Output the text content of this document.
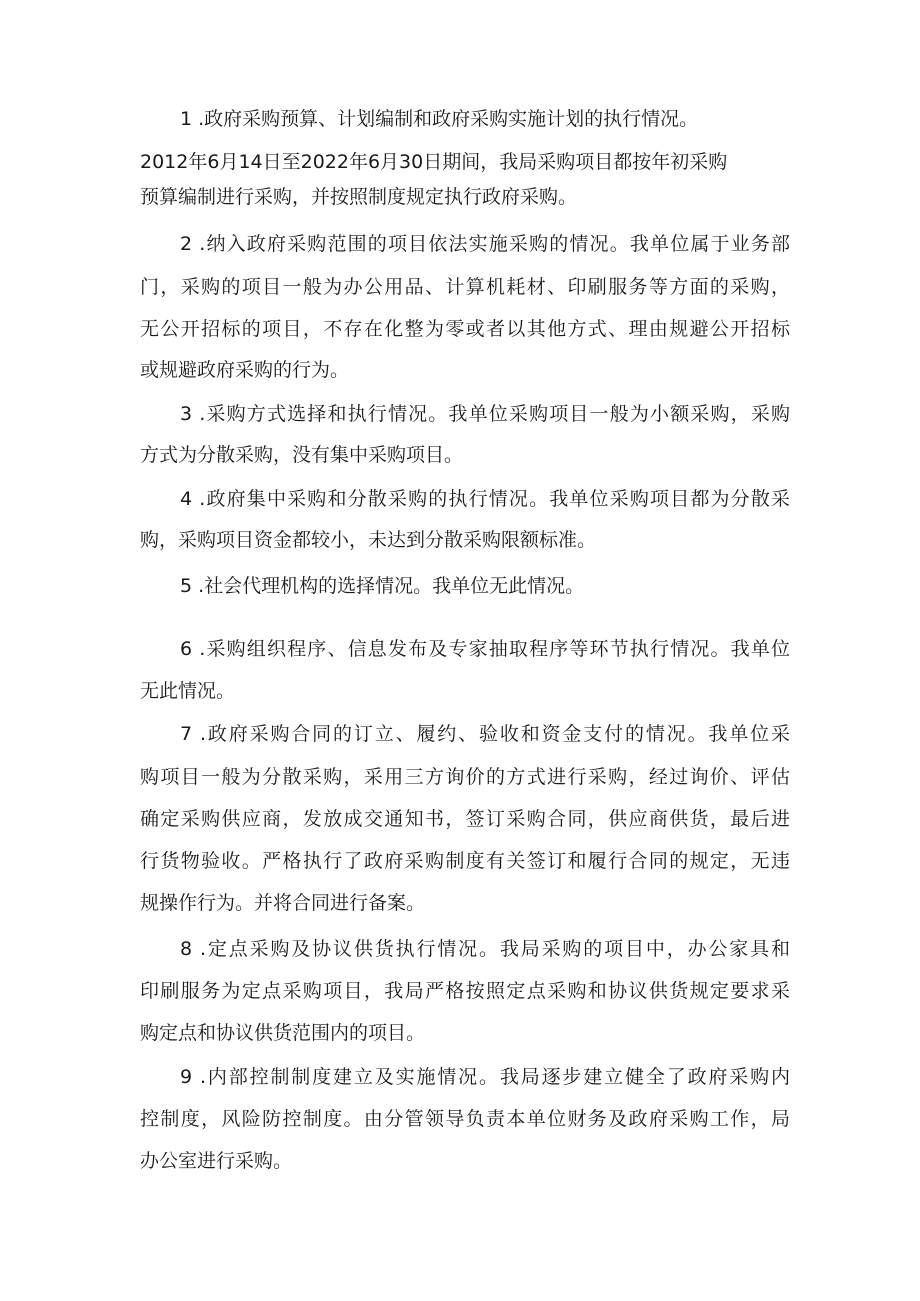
1 .政府采购预算、计划编制和政府采购实施计划的执行情况。
2012年6月14日至2022年6月30日期间，我局采购项目都按年初采购
预算编制进行采购，并按照制度规定执行政府采购。
2 .纳入政府采购范围的项目依法实施采购的情况。我单位属于业务部
门，采购的项目一般为办公用品、计算机耗材、印刷服务等方面的采购，
无公开招标的项目，不存在化整为零或者以其他方式、理由规避公开招标
或规避政府采购的行为。
3 .采购方式选择和执行情况。我单位采购项目一般为小额采购，采购
方式为分散采购，没有集中采购项目。
4 .政府集中采购和分散采购的执行情况。我单位采购项目都为分散采
购，采购项目资金都较小，未达到分散采购限额标准。
5 .社会代理机构的选择情况。我单位无此情况。
6 .采购组织程序、信息发布及专家抽取程序等环节执行情况。我单位
无此情况。
7 .政府采购合同的订立、履约、验收和资金支付的情况。我单位采
购项目一般为分散采购，采用三方询价的方式进行采购，经过询价、评估
确定采购供应商，发放成交通知书，签订采购合同，供应商供货，最后进
行货物验收。严格执行了政府采购制度有关签订和履行合同的规定，无违
规操作行为。并将合同进行备案。
8 .定点采购及协议供货执行情况。我局采购的项目中，办公家具和
印刷服务为定点采购项目，我局严格按照定点采购和协议供货规定要求采
购定点和协议供货范围内的项目。
9 .内部控制制度建立及实施情况。我局逐步建立健全了政府采购内
控制度，风险防控制度。由分管领导负责本单位财务及政府采购工作，局
办公室进行采购。
